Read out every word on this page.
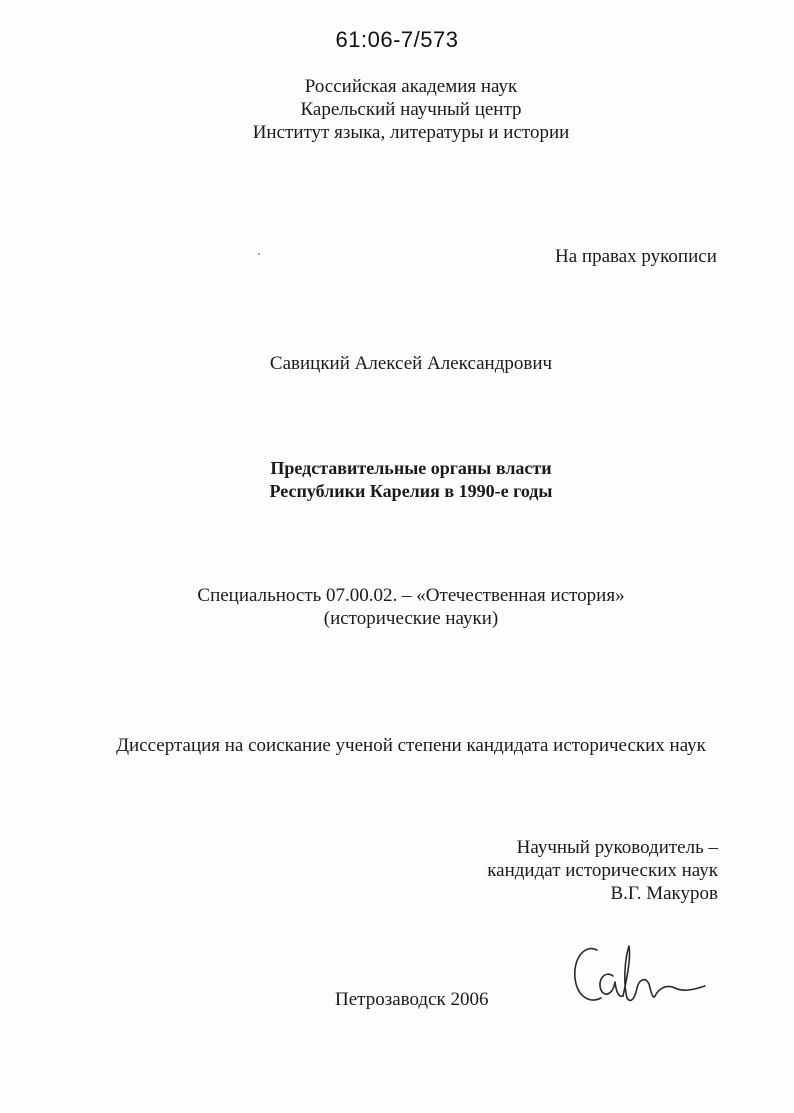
61:06-7/573
Российская академия наук
Карельский научный центр
Институт языка, литературы и истории
На правах рукописи
Савицкий Алексей Александрович
Представительные органы власти
Республики Карелия в 1990-е годы
Специальность 07.00.02. – «Отечественная история»
(исторические науки)
Диссертация на соискание ученой степени кандидата исторических наук
Научный руководитель –
кандидат исторических наук
В.Г. Макуров
Петрозаводск 2006
